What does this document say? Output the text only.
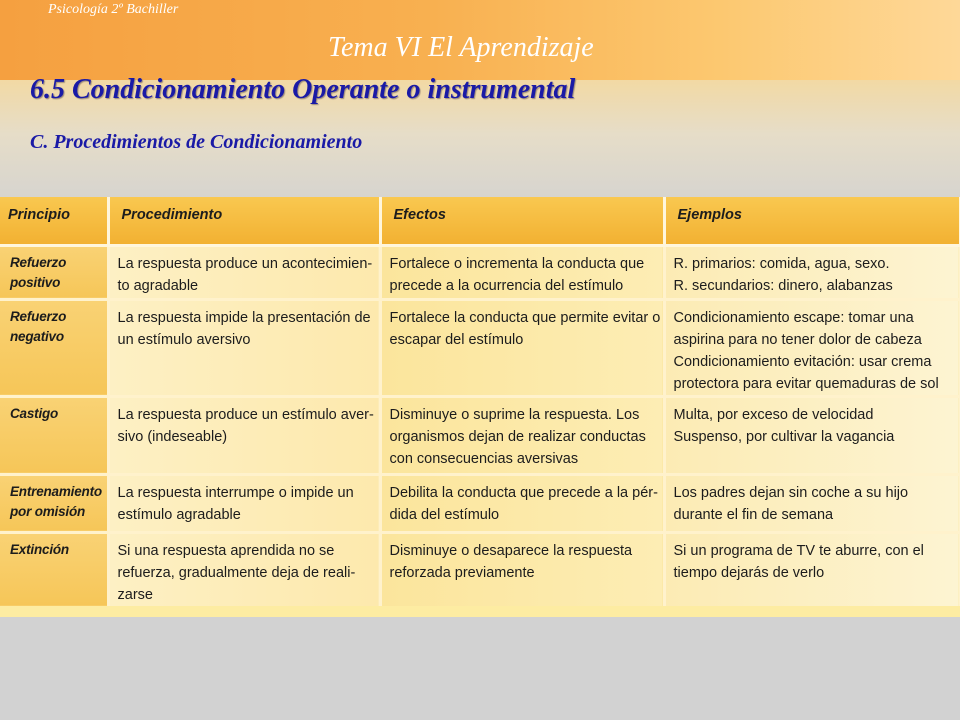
Psicología 2º Bachiller
Tema VI El Aprendizaje
6.5 Condicionamiento Operante o instrumental
C. Procedimientos de Condicionamiento
Principio	Procedimiento	Efectos	Ejemplos

Refuerzo
positivo	La respuesta produce un acontecimien-
to agradable	Fortalece o incrementa la conducta que
precede a la ocurrencia del estímulo	R. primarios: comida, agua, sexo.
R. secundarios: dinero, alabanzas

Refuerzo
negativo	La respuesta impide la presentación de
un estímulo aversivo	Fortalece la conducta que permite evitar o
escapar del estímulo	Condicionamiento escape: tomar una
aspirina para no tener dolor de cabeza
Condicionamiento evitación: usar crema
protectora para evitar quemaduras de sol

Castigo	La respuesta produce un estímulo aver-
sivo (indeseable)	Disminuye o suprime la respuesta. Los
organismos dejan de realizar conductas
con consecuencias aversivas	Multa, por exceso de velocidad
Suspenso, por cultivar la vagancia

Entrenamiento
por omisión	La respuesta interrumpe o impide un
estímulo agradable	Debilita la conducta que precede a la pér-
dida del estímulo	Los padres dejan sin coche a su hijo
durante el fin de semana

Extinción	Si una respuesta aprendida no se
refuerza, gradualmente deja de reali-
zarse	Disminuye o desaparece la respuesta
reforzada previamente	Si un programa de TV te aburre, con el
tiempo dejarás de verlo
